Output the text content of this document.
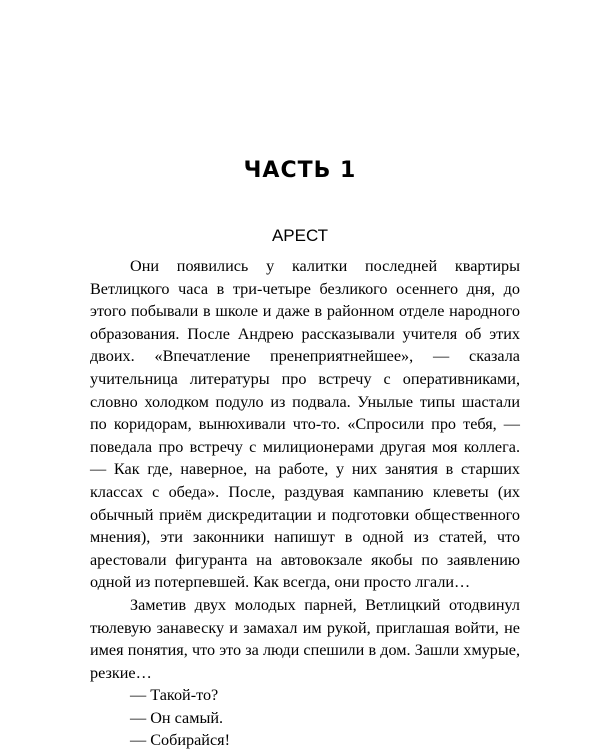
ЧАСТЬ 1
АРЕСТ

Они появились у калитки последней квартиры Ветлицкого часа в три-четыре безликого осеннего дня, до этого побывали в школе и даже в районном отделе народного образования. После Андрею рассказывали учителя об этих двоих. «Впечатление пренеприятнейшее», — сказала учительница литературы про встречу с оперативниками, словно холодком подуло из подвала. Унылые типы шастали по коридорам, вынюхивали что-то. «Спросили про тебя, — поведала про встречу с милиционерами другая моя коллега. — Как где, наверное, на работе, у них занятия в старших классах с обеда». После, раздувая кампанию клеветы (их обычный приём дискредитации и подготовки общественного мнения), эти законники напишут в одной из статей, что арестовали фигуранта на автовокзале якобы по заявлению одной из потерпевшей. Как всегда, они просто лгали…

Заметив двух молодых парней, Ветлицкий отодвинул тюлевую занавеску и замахал им рукой, приглашая войти, не имея понятия, что это за люди спешили в дом. Зашли хмурые, резкие…

— Такой-то?

— Он самый.

— Собирайся!
